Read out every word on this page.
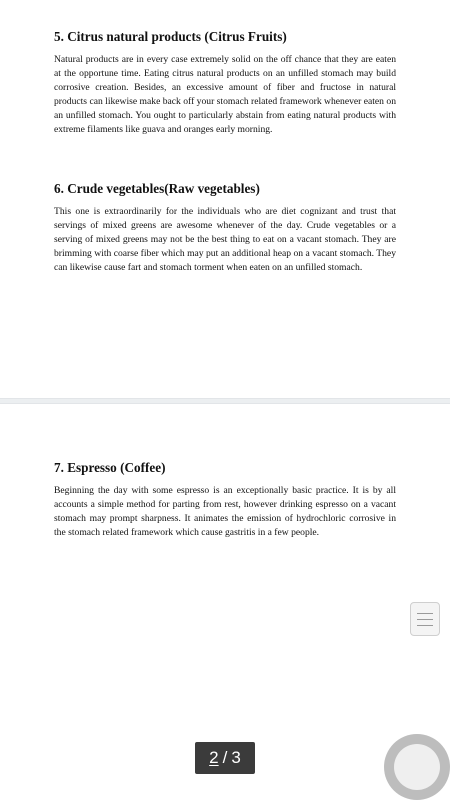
5. Citrus natural products (Citrus Fruits)

Natural products are in every case extremely solid on the off chance that they are eaten at the opportune time. Eating citrus natural products on an unfilled stomach may build corrosive creation. Besides, an excessive amount of fiber and fructose in natural products can likewise make back off your stomach related framework whenever eaten on an unfilled stomach. You ought to particularly abstain from eating natural products with extreme filaments like guava and oranges early morning.

6. Crude vegetables(Raw vegetables)

This one is extraordinarily for the individuals who are diet cognizant and trust that servings of mixed greens are awesome whenever of the day. Crude vegetables or a serving of mixed greens may not be the best thing to eat on a vacant stomach. They are brimming with coarse fiber which may put an additional heap on a vacant stomach. They can likewise cause fart and stomach torment when eaten on an unfilled stomach.

7. Espresso (Coffee)

Beginning the day with some espresso is an exceptionally basic practice. It is by all accounts a simple method for parting from rest, however drinking espresso on a vacant stomach may prompt sharpness. It animates the emission of hydrochloric corrosive in the stomach related framework which cause gastritis in a few people.

2 / 3
